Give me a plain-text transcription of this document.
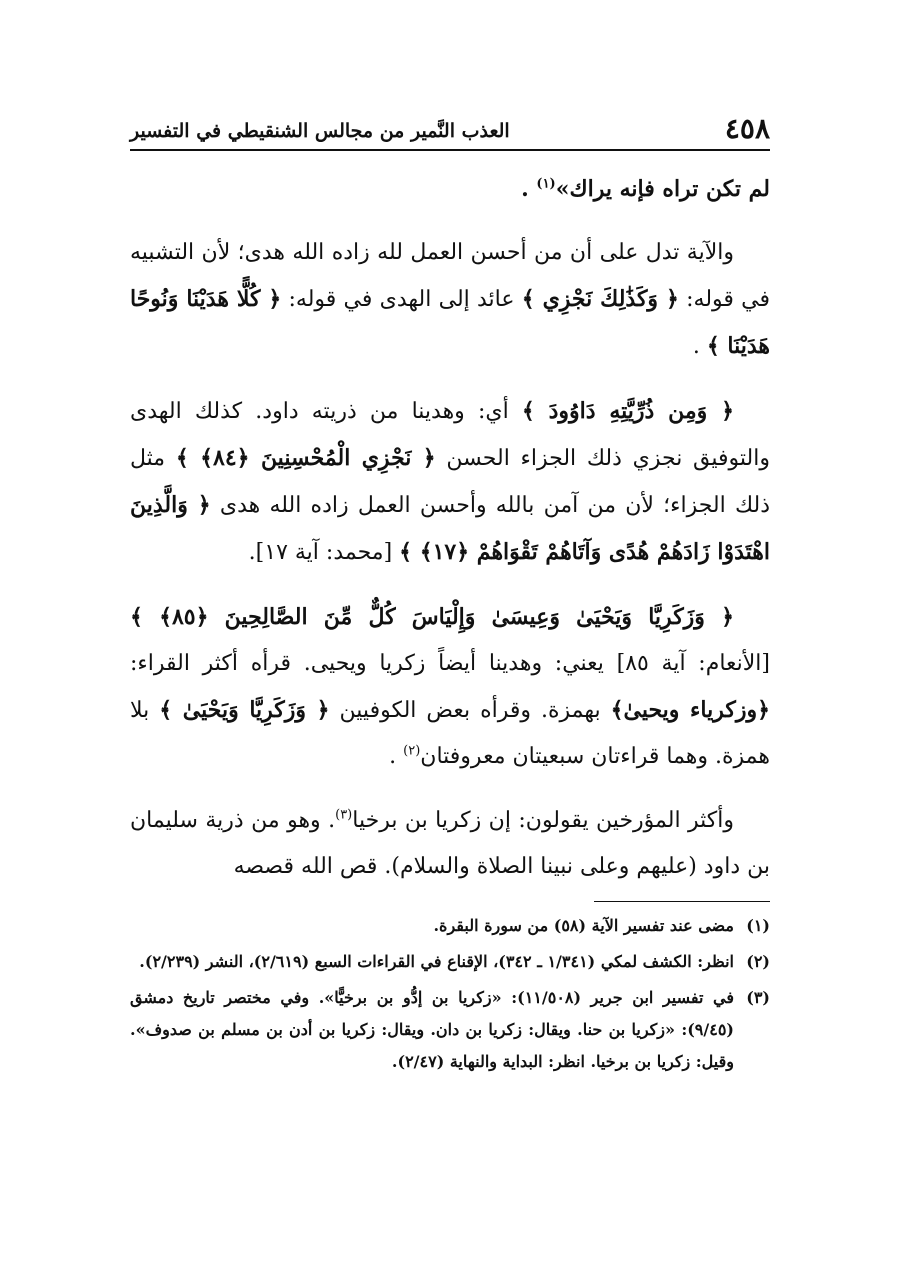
٤٥٨
العذب النَّمير من مجالس الشنقيطي في التفسير

لم تكن تراه فإنه يراك»$^{(١)}$ .

والآية تدل على أن من أحسن العمل لله زاده الله هدى؛ لأن التشبيه في قوله: ﴿ وَكَذَٰلِكَ نَجْزِي ﴾ عائد إلى الهدى في قوله: ﴿ كُلًّا هَدَيْنَا وَنُوحًا هَدَيْنَا ﴾ .

﴿ وَمِن ذُرِّيَّتِهِ دَاوُودَ ﴾ أي: وهدينا من ذريته داود. كذلك الهدى والتوفيق نجزي ذلك الجزاء الحسن ﴿ نَجْزِي الْمُحْسِنِينَ ﴿٨٤﴾ ﴾ مثل ذلك الجزاء؛ لأن من آمن بالله وأحسن العمل زاده الله هدى ﴿ وَالَّذِينَ اهْتَدَوْا زَادَهُمْ هُدًى وَآتَاهُمْ تَقْوَاهُمْ ﴿١٧﴾ ﴾ [محمد: آية ١٧].

﴿ وَزَكَرِيَّا وَيَحْيَىٰ وَعِيسَىٰ وَإِلْيَاسَ كُلٌّ مِّنَ الصَّالِحِينَ ﴿٨٥﴾ ﴾ [الأنعام: آية ٨٥] يعني: وهدينا أيضاً زكريا ويحيى. قرأه أكثر القراء: ﴿وزكرياء ويحيىٰ﴾ بهمزة. وقرأه بعض الكوفيين ﴿ وَزَكَرِيَّا وَيَحْيَىٰ ﴾ بلا همزة. وهما قراءتان سبعيتان معروفتان$^{(٢)}$ .

وأكثر المؤرخين يقولون: إن زكريا بن برخيا$^{(٣)}$. وهو من ذرية سليمان بن داود (عليهم وعلى نبينا الصلاة والسلام). قص الله قصصه

(١)
مضى عند تفسير الآية (٥٨) من سورة البقرة.
(٢)
انظر: الكشف لمكي (١/٣٤١ ـ ٣٤٢)، الإقناع في القراءات السبع (٢/٦١٩)، النشر (٢/٢٣٩).
(٣)
في تفسير ابن جرير (١١/٥٠٨): «زكريا بن إدُّو بن برخيًّا». وفي مختصر تاريخ دمشق (٩/٤٥): «زكريا بن حنا. ويقال: زكريا بن دان. ويقال: زكريا بن أدن بن مسلم بن صدوف». وقيل: زكريا بن برخيا. انظر: البداية والنهاية (٢/٤٧).
